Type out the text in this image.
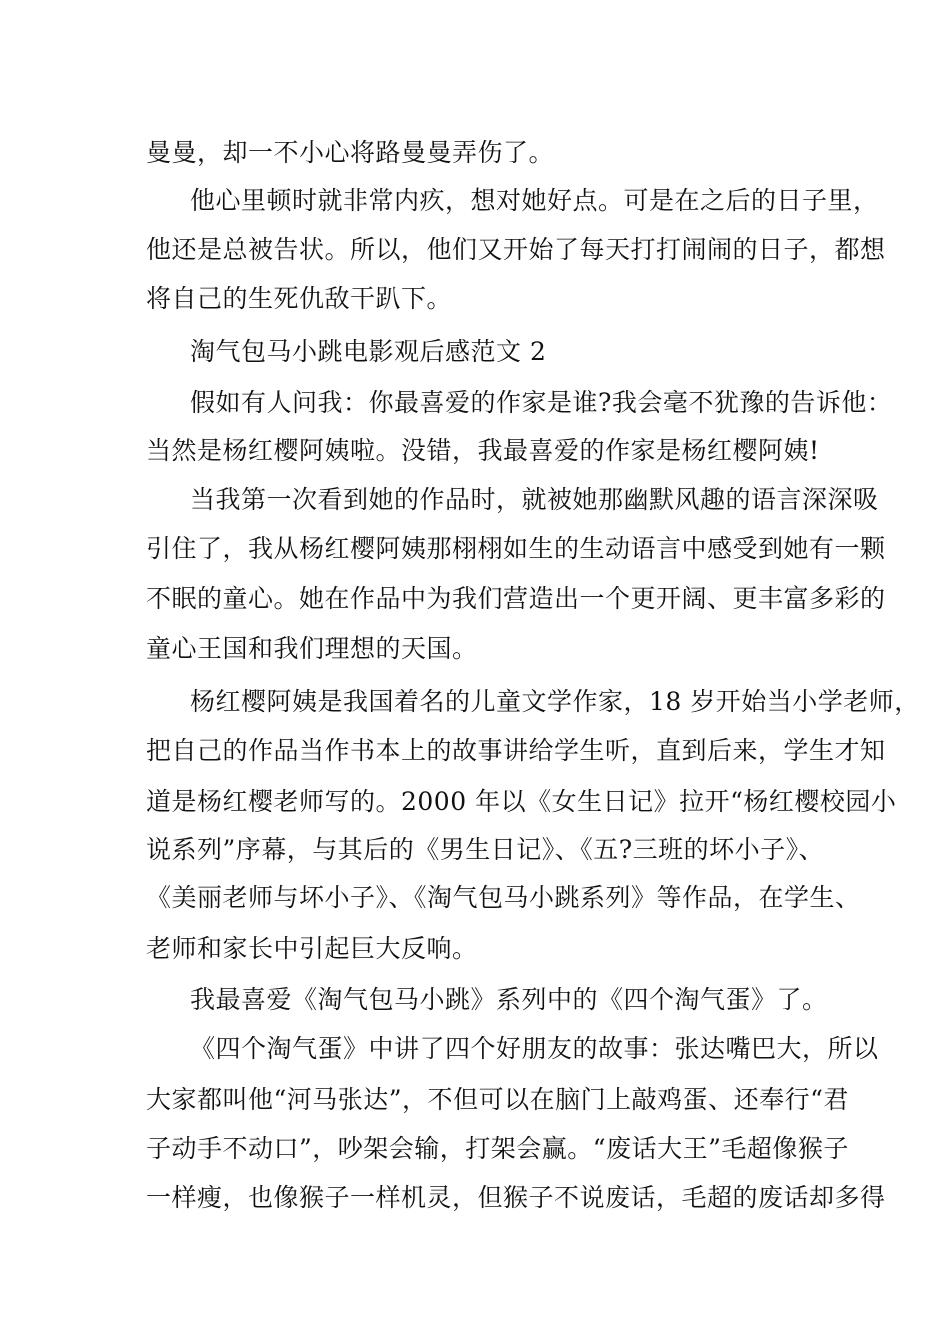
曼曼，却一不小心将路曼曼弄伤了。

他心里顿时就非常内疚，想对她好点。可是在之后的日子里，

他还是总被告状。所以，他们又开始了每天打打闹闹的日子，都想

将自己的生死仇敌干趴下。

淘气包马小跳电影观后感范文 2

假如有人问我：你最喜爱的作家是谁?我会毫不犹豫的告诉他：

当然是杨红樱阿姨啦。没错，我最喜爱的作家是杨红樱阿姨!

当我第一次看到她的作品时，就被她那幽默风趣的语言深深吸

引住了，我从杨红樱阿姨那栩栩如生的生动语言中感受到她有一颗

不眠的童心。她在作品中为我们营造出一个更开阔、更丰富多彩的

童心王国和我们理想的天国。

杨红樱阿姨是我国着名的儿童文学作家，18 岁开始当小学老师，

把自己的作品当作书本上的故事讲给学生听，直到后来，学生才知

道是杨红樱老师写的。2000 年以《女生日记》拉开“杨红樱校园小

说系列”序幕，与其后的《男生日记》、《五?三班的坏小子》、

《美丽老师与坏小子》、《淘气包马小跳系列》等作品，在学生、

老师和家长中引起巨大反响。

我最喜爱《淘气包马小跳》系列中的《四个淘气蛋》了。

《四个淘气蛋》中讲了四个好朋友的故事：张达嘴巴大，所以

大家都叫他“河马张达”，不但可以在脑门上敲鸡蛋、还奉行“君

子动手不动口”，吵架会输，打架会赢。“废话大王”毛超像猴子

一样瘦，也像猴子一样机灵，但猴子不说废话，毛超的废话却多得
